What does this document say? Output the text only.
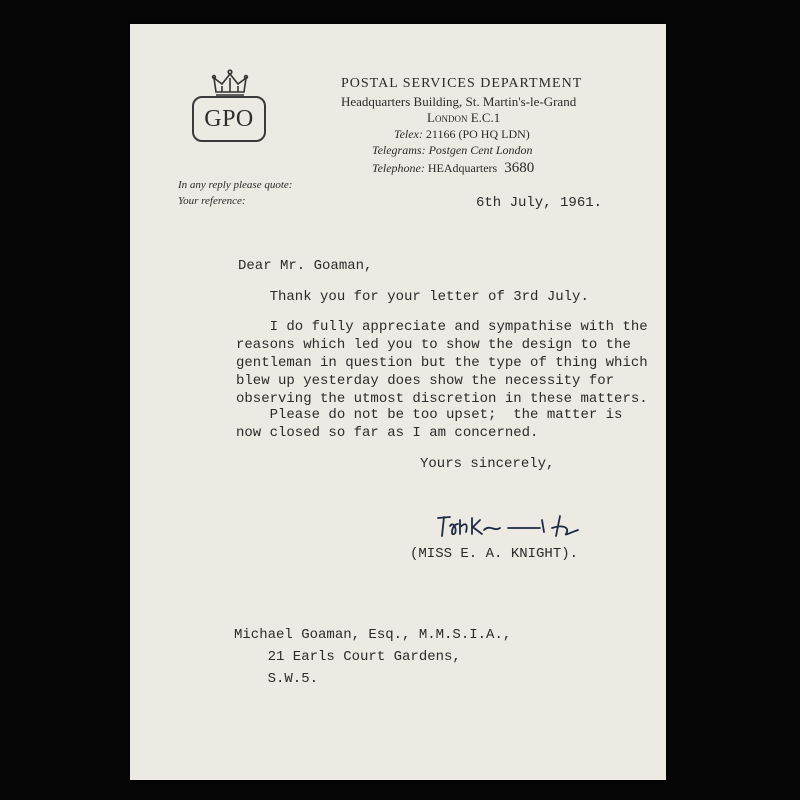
GPO
POSTAL SERVICES DEPARTMENT
Headquarters Building, St. Martin's-le-Grand
London E.C.1
Telex: 21166 (PO HQ LDN)
Telegrams: Postgen Cent London
Telephone: HEAdquarters 3680
In any reply please quote:
Your reference:	6th July, 1961.
Dear Mr. Goaman,
Thank you for your letter of 3rd July.
I do fully appreciate and sympathise with the
reasons which led you to show the design to the
gentleman in question but the type of thing which
blew up yesterday does show the necessity for
observing the utmost discretion in these matters.
Please do not be too upset;  the matter is
now closed so far as I am concerned.
Yours sincerely,
(MISS E. A. KNIGHT).
Michael Goaman, Esq., M.M.S.I.A.,
21 Earls Court Gardens,
S.W.5.
